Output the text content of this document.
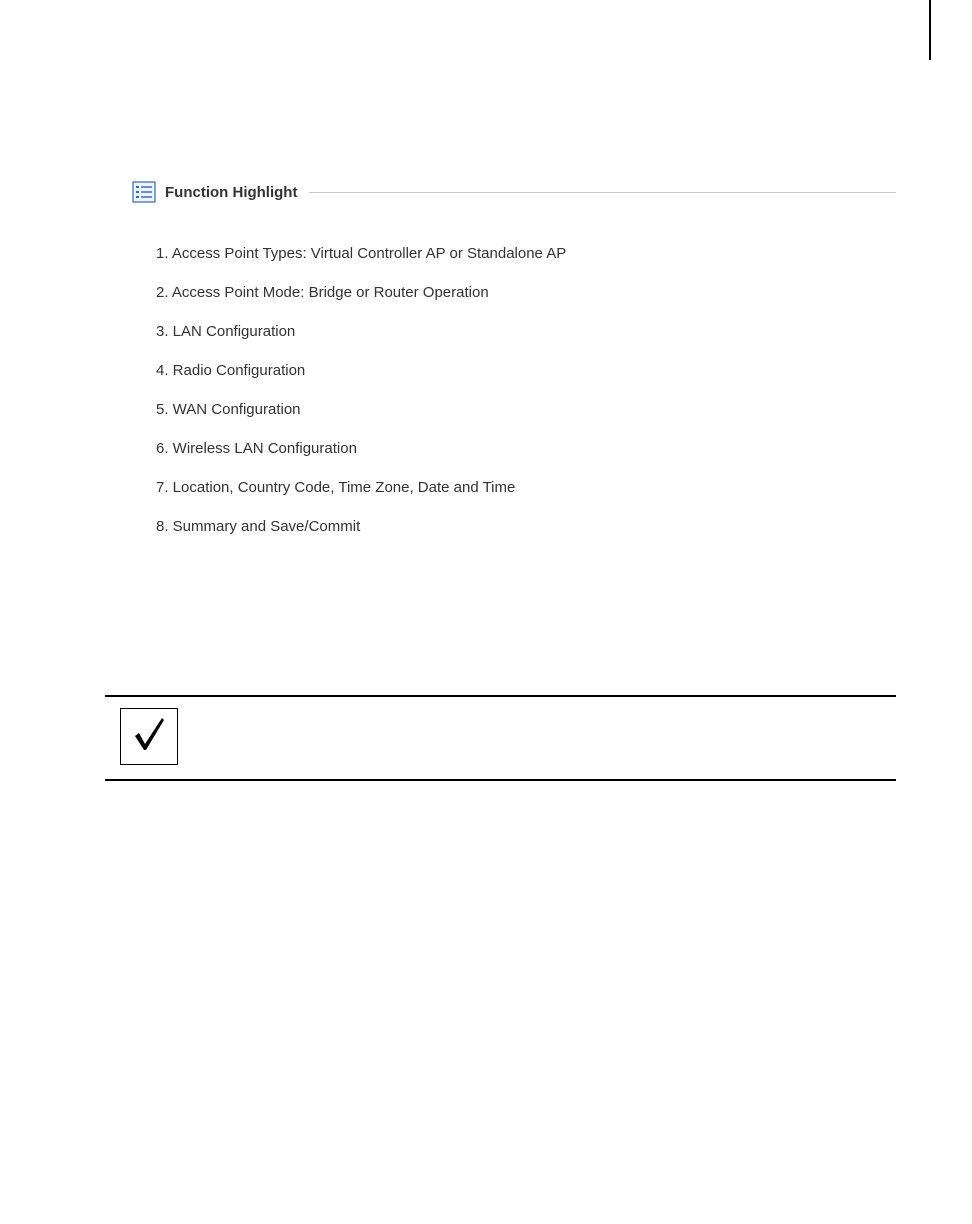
Function Highlight
1. Access Point Types: Virtual Controller AP or Standalone AP
2. Access Point Mode: Bridge or Router Operation
3. LAN Configuration
4. Radio Configuration
5. WAN Configuration
6. Wireless LAN Configuration
7. Location, Country Code, Time Zone, Date and Time
8. Summary and Save/Commit
